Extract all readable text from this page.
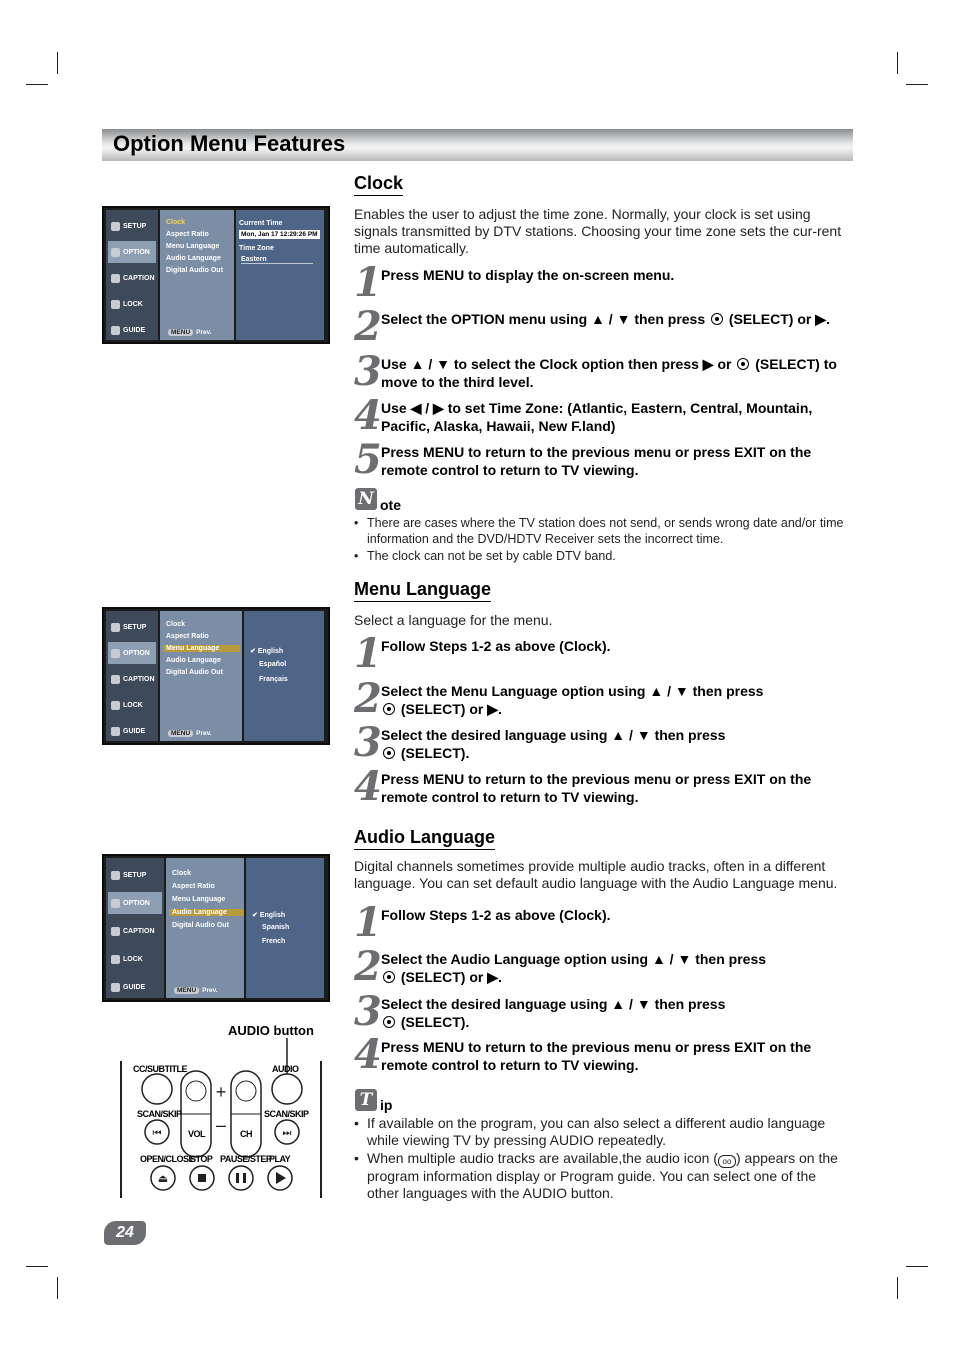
Option Menu Features
SETUP
OPTION
CAPTION
LOCK
GUIDE
Clock
Aspect Ratio
Menu Language
Audio Language
Digital Audio Out
MENU Prev.
Current Time
Mon, Jan 17 12:29:26 PM
Time Zone
Eastern
Clock
Enables the user to adjust the time zone. Normally, your clock is set using signals transmitted by DTV stations. Choosing your time zone sets the cur-rent time automatically.
1 Press MENU to display the on-screen menu.
2 Select the OPTION menu using ▲ / ▼ then press  (SELECT) or ▶.
3 Use ▲ / ▼ to select the Clock option then press ▶ or  (SELECT) to move to the third level.
4 Use ◀ / ▶ to set Time Zone: (Atlantic, Eastern, Central, Mountain, Pacific, Alaska, Hawaii, New F.land)
5 Press MENU to return to the previous menu or press EXIT on the remote control to return to TV viewing.
N ote
• There are cases where the TV station does not send, or sends wrong date and/or time information and the DVD/HDTV Receiver sets the incorrect time.
• The clock can not be set by cable DTV band.
SETUP
OPTION
CAPTION
LOCK
GUIDE
Clock
Aspect Ratio
Menu Language
Audio Language
Digital Audio Out
MENU Prev.
✔ English
Español
Français
Menu Language
Select a language for the menu.
1 Follow Steps 1-2 as above (Clock).
2 Select the Menu Language option using ▲ / ▼ then press
(SELECT) or ▶.
3 Select the desired language using ▲ / ▼ then press
(SELECT).
4 Press MENU to return to the previous menu or press EXIT on the remote control to return to TV viewing.
SETUP
OPTION
CAPTION
LOCK
GUIDE
Clock
Aspect Ratio
Menu Language
Audio Language
Digital Audio Out
MENU Prev.
✔ English
Spanish
French
AUDIO button
+
–
⏮	⏭
⏏
CC/SUBTITLE	AUDIO
SCAN/SKIP	SCAN/SKIP
VOL	CH
OPEN/CLOSE
STOP PAUSE/STEP
PLAY
Audio Language
Digital channels sometimes provide multiple audio tracks, often in a different language. You can set default audio language with the Audio Language menu.
1 Follow Steps 1-2 as above (Clock).
2 Select the Audio Language option using ▲ / ▼ then press
(SELECT) or ▶.
3 Select the desired language using ▲ / ▼ then press
(SELECT).
4 Press MENU to return to the previous menu or press EXIT on the remote control to return to TV viewing.
T ip
• If available on the program, you can also select a different audio language while viewing TV by pressing AUDIO repeatedly.
• When multiple audio tracks are available,the audio icon ( oo ) appears on the program information display or Program guide. You can select one of the other languages with the AUDIO button.
24
